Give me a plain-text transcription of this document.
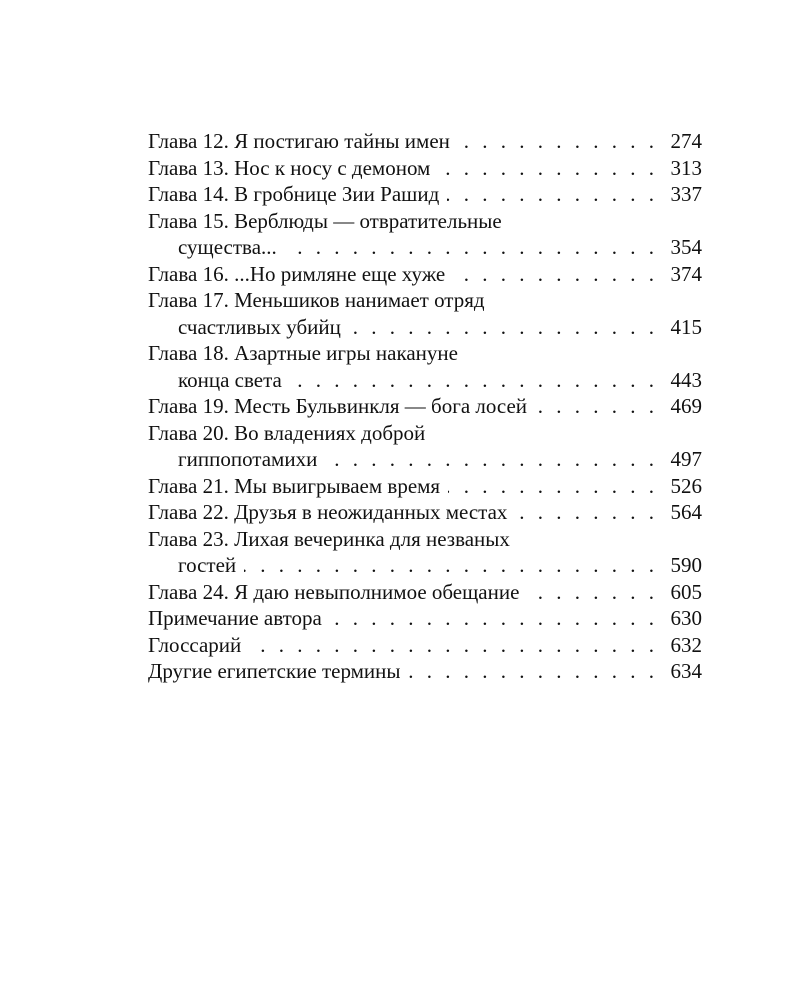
Глава 12. Я постигаю тайны имен . . .	274
Глава 13. Нос к носу с демоном . . .	313
Глава 14. В гробнице Зии Рашид . . .	337
Глава 15. Верблюды — отвратительные
существа... . . .	354
Глава 16. ...Но римляне еще хуже . . .	374
Глава 17. Меньшиков нанимает отряд
счастливых убийц . . .	415
Глава 18. Азартные игры накануне
конца света . . .	443
Глава 19. Месть Бульвинкля — бога лосей . . .	469
Глава 20. Во владениях доброй
гиппопотамихи . . .	497
Глава 21. Мы выигрываем время . . .	526
Глава 22. Друзья в неожиданных местах . . .	564
Глава 23. Лихая вечеринка для незваных
гостей . . .	590
Глава 24. Я даю невыполнимое обещание . . .	605
Примечание автора . . .	630
Глоссарий . . .	632
Другие египетские термины . . .	634
